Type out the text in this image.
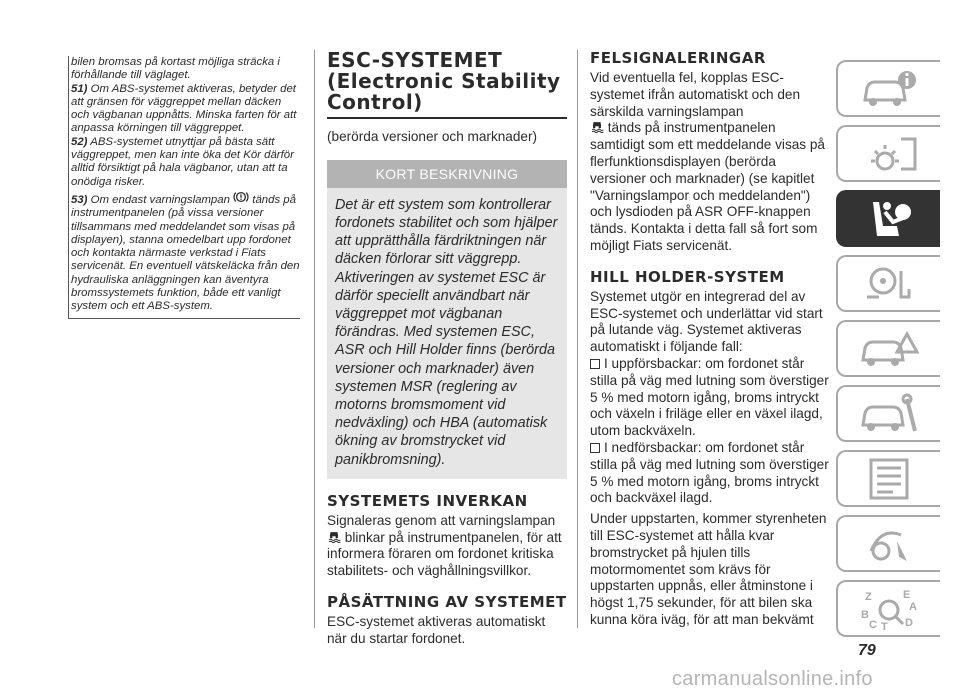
bilen bromsas på kortast möjliga sträcka i förhållande till väglaget.

51) Om ABS-systemet aktiveras, betyder det att gränsen för väggreppet mellan däcken och vägbanan uppnåtts. Minska farten för att anpassa körningen till väggreppet.

52) ABS-systemet utnyttjar på bästa sätt väggreppet, men kan inte öka det Kör därför alltid försiktigt på hala vägbanor, utan att ta onödiga risker.

53) Om endast varningslampan tänds på instrumentpanelen (på vissa versioner tillsammans med meddelandet som visas på displayen), stanna omedelbart upp fordonet och kontakta närmaste verkstad i Fiats servicenät. En eventuell vätskeläcka från den hydrauliska anläggningen kan äventyra bromssystemets funktion, både ett vanligt system och ett ABS-system.

ESC-SYSTEMET (Electronic Stability Control)

(berörda versioner och marknader)

KORT BESKRIVNING
Det är ett system som kontrollerar fordonets stabilitet och som hjälper att upprätthålla färdriktningen när däcken förlorar sitt väggrepp. Aktiveringen av systemet ESC är därför speciellt användbart när väggreppet mot vägbanan förändras. Med systemen ESC, ASR och Hill Holder finns (berörda versioner och marknader) även systemen MSR (reglering av motorns bromsmoment vid nedväxling) och HBA (automatisk ökning av bromstrycket vid panikbromsning).
SYSTEMETS INVERKAN

Signaleras genom att varningslampan
blinkar på instrumentpanelen, för att informera föraren om fordonet kritiska stabilitets- och väghållningsvillkor.

PÅSÄTTNING AV SYSTEMET

ESC-systemet aktiveras automatiskt när du startar fordonet.

FELSIGNALERINGAR

Vid eventuella fel, kopplas ESC-systemet ifrån automatiskt och den särskilda varningslampan
tänds på instrumentpanelen samtidigt som ett meddelande visas på flerfunktionsdisplayen (berörda versioner och marknader) (se kapitlet "Varningslampor och meddelanden") och lysdioden på ASR OFF-knappen tänds. Kontakta i detta fall så fort som möjligt Fiats servicenät.

HILL HOLDER-SYSTEM

Systemet utgör en integrerad del av ESC-systemet och underlättar vid start på lutande väg. Systemet aktiveras automatiskt i följande fall:

I uppförsbackar: om fordonet står stilla på väg med lutning som överstiger 5 % med motorn igång, broms intryckt och växeln i friläge eller en växel ilagd, utom backväxeln.

I nedförsbackar: om fordonet står stilla på väg med lutning som överstiger 5 % med motorn igång, broms intryckt och backväxel ilagd.

Under uppstarten, kommer styrenheten till ESC-systemet att hålla kvar bromstrycket på hjulen tills motormomentet som krävs för uppstarten uppnås, eller åtminstone i högst 1,75 sekunder, för att bilen ska kunna köra iväg, för att man bekvämt

Z	E
B
A
C T D
79
carmanualsonline.info
